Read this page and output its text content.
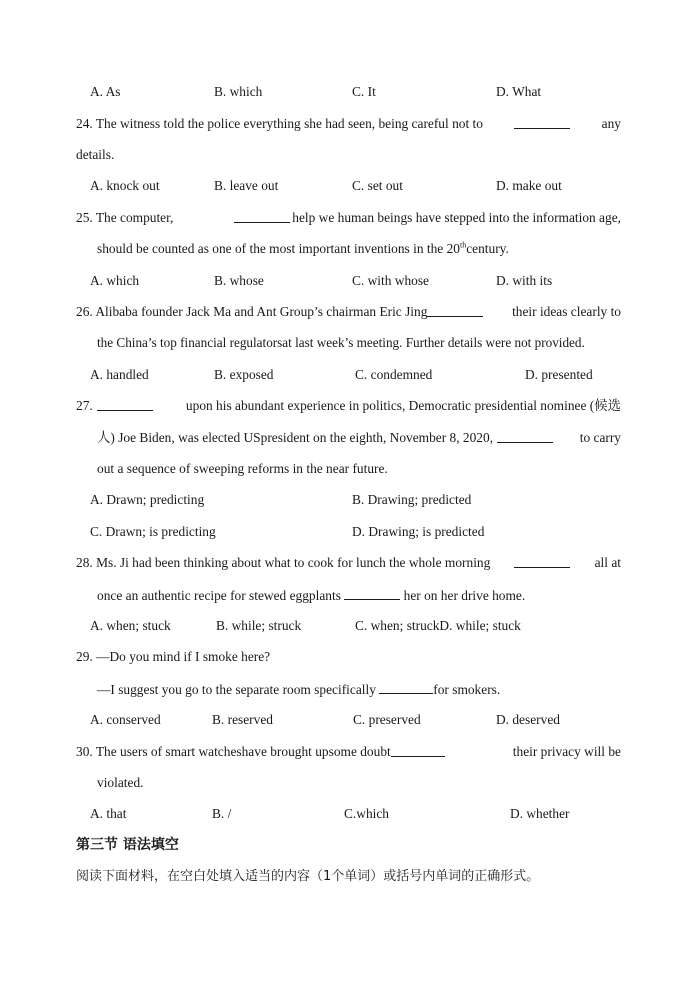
A. As	B. which	C. It	D. What
24. The witness told the police everything she had seen, being careful not to	any
details.
A. knock out	B. leave out	C. set out	D. make out
25. The computer,	help we human beings have stepped into the information age,
should be counted as one of the most important inventions in the 20thcentury.
A. which	B. whose	C. with whose	D. with its
26. Alibaba founder Jack Ma and Ant Group’s chairman Eric Jing	their ideas clearly to
the China’s top financial regulatorsat last week’s meeting. Further details were not provided.
A. handled	B. exposed	C. condemned	D. presented
27.	upon his abundant experience in politics, Democratic presidential nominee (候选
人) Joe Biden, was elected USpresident on the eighth, November 8, 2020,	to carry
out a sequence of sweeping reforms in the near future.
A. Drawn; predicting	B. Drawing; predicted
C. Drawn; is predicting	D. Drawing; is predicted
28. Ms. Ji had been thinking about what to cook for lunch the whole morning	all at
once an authentic recipe for stewed eggplants	her on her drive home.
A. when; stuck	B. while; struck	C. when; struckD. while; stuck
29. —Do you mind if I smoke here?
—I suggest you go to the separate room specifically	for smokers.
A. conserved	B. reserved	C. preserved	D. deserved
30. The users of smart watcheshave brought upsome doubt	their privacy will be
violated.
A. that	B. /	C.which	D. whether
第三节 语法填空
阅读下面材料，在空白处填入适当的内容（1个单词）或括号内单词的正确形式。
